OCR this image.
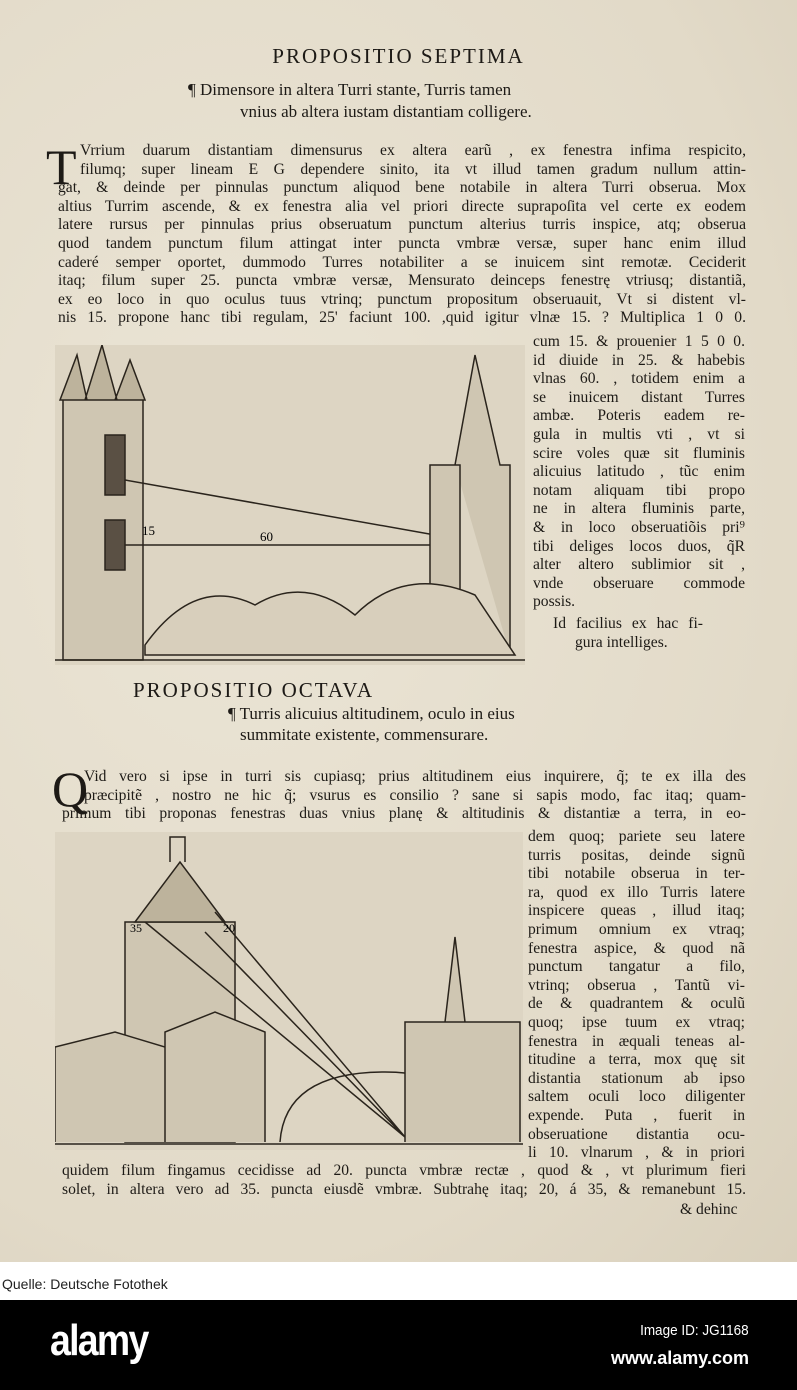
PROPOSITIO SEPTIMA
¶ Dimensore in altera Turri stante, Turris tamen
vnius ab altera iustam distantiam colligere.
T Vrrium duarum distantiam dimensurus ex altera earũ , ex fenestra infima respicito,
filumq; super lineam E G dependere sinito, ita vt illud tamen gradum nullum attin-
gat, & deinde per pinnulas punctum aliquod bene notabile in altera Turri obserua. Mox
altius Turrim ascende, & ex fenestra alia vel priori directe suprapoſita vel certe ex eodem
latere rursus per pinnulas prius obseruatum punctum alterius turris inspice, atq; obserua
quod tandem punctum filum attingat inter puncta vmbræ versæ, super hanc enim illud
caderé semper oportet, dummodo Turres notabiliter a se inuicem sint remotæ. Ceciderit
itaq; filum super 25. puncta vmbræ versæ, Mensurato deinceps fenestrę vtriusq; distantiã,
ex eo loco in quo oculus tuus vtrinq; punctum propositum obseruauit, Vt si distent vl-
nis 15. propone hanc tibi regulam, 25' faciunt 100. ,quid igitur vlnæ 15. ? Multiplica 1 0 0.
15	60
cum 15. & prouenier 1 5 0 0.
id diuide in 25. & habebis
vlnas 60. , totidem enim a
se inuicem distant Turres
ambæ. Poteris eadem re-
gula in multis vti , vt si
scire voles quæ sit fluminis
alicuius latitudo , tũc enim
notam aliquam tibi propo
ne in altera fluminis parte,
& in loco obseruatiõis pri⁹
tibi deliges locos duos, q̃R
alter altero sublimior sit ,
vnde obseruare commode
possis.
Id facilius ex hac fi-
gura intelliges.
PROPOSITIO OCTAVA
¶ Turris alicuius altitudinem, oculo in eius
summitate existente, commensurare.
Q
Vid vero si ipse in turri sis cupiasq; prius altitudinem eius inquirere, q̃; te ex illa des
præcipitẽ , nostro ne hic q̃; vsurus es consilio ? sane si sapis modo, fac itaq; quam-
primum tibi proponas fenestras duas vnius planę & altitudinis & distantiæ a terra, in eo-
35	20
dem quoq; pariete seu latere
turris positas, deinde signũ
tibi notabile obserua in ter-
ra, quod ex illo Turris latere
inspicere queas , illud itaq;
primum omnium ex vtraq;
fenestra aspice, & quod nã
punctum tangatur a filo,
vtrinq; obserua , Tantũ vi-
de & quadrantem & oculũ
quoq; ipse tuum ex vtraq;
fenestra in æquali teneas al-
titudine a terra, mox quę sit
distantia stationum ab ipso
saltem oculi loco diligenter
expende. Puta , fuerit in
obseruatione distantia ocu-
li 10. vlnarum , & in priori
quidem filum fingamus cecidisse ad 20. puncta vmbræ rectæ , quod & , vt plurimum fieri
solet, in altera vero ad 35. puncta eiusdẽ vmbræ. Subtrahę itaq; 20, á 35, & remanebunt 15.
& dehinc
Quelle: Deutsche Fotothek
alamy	Image ID: JG1168
www.alamy.com
